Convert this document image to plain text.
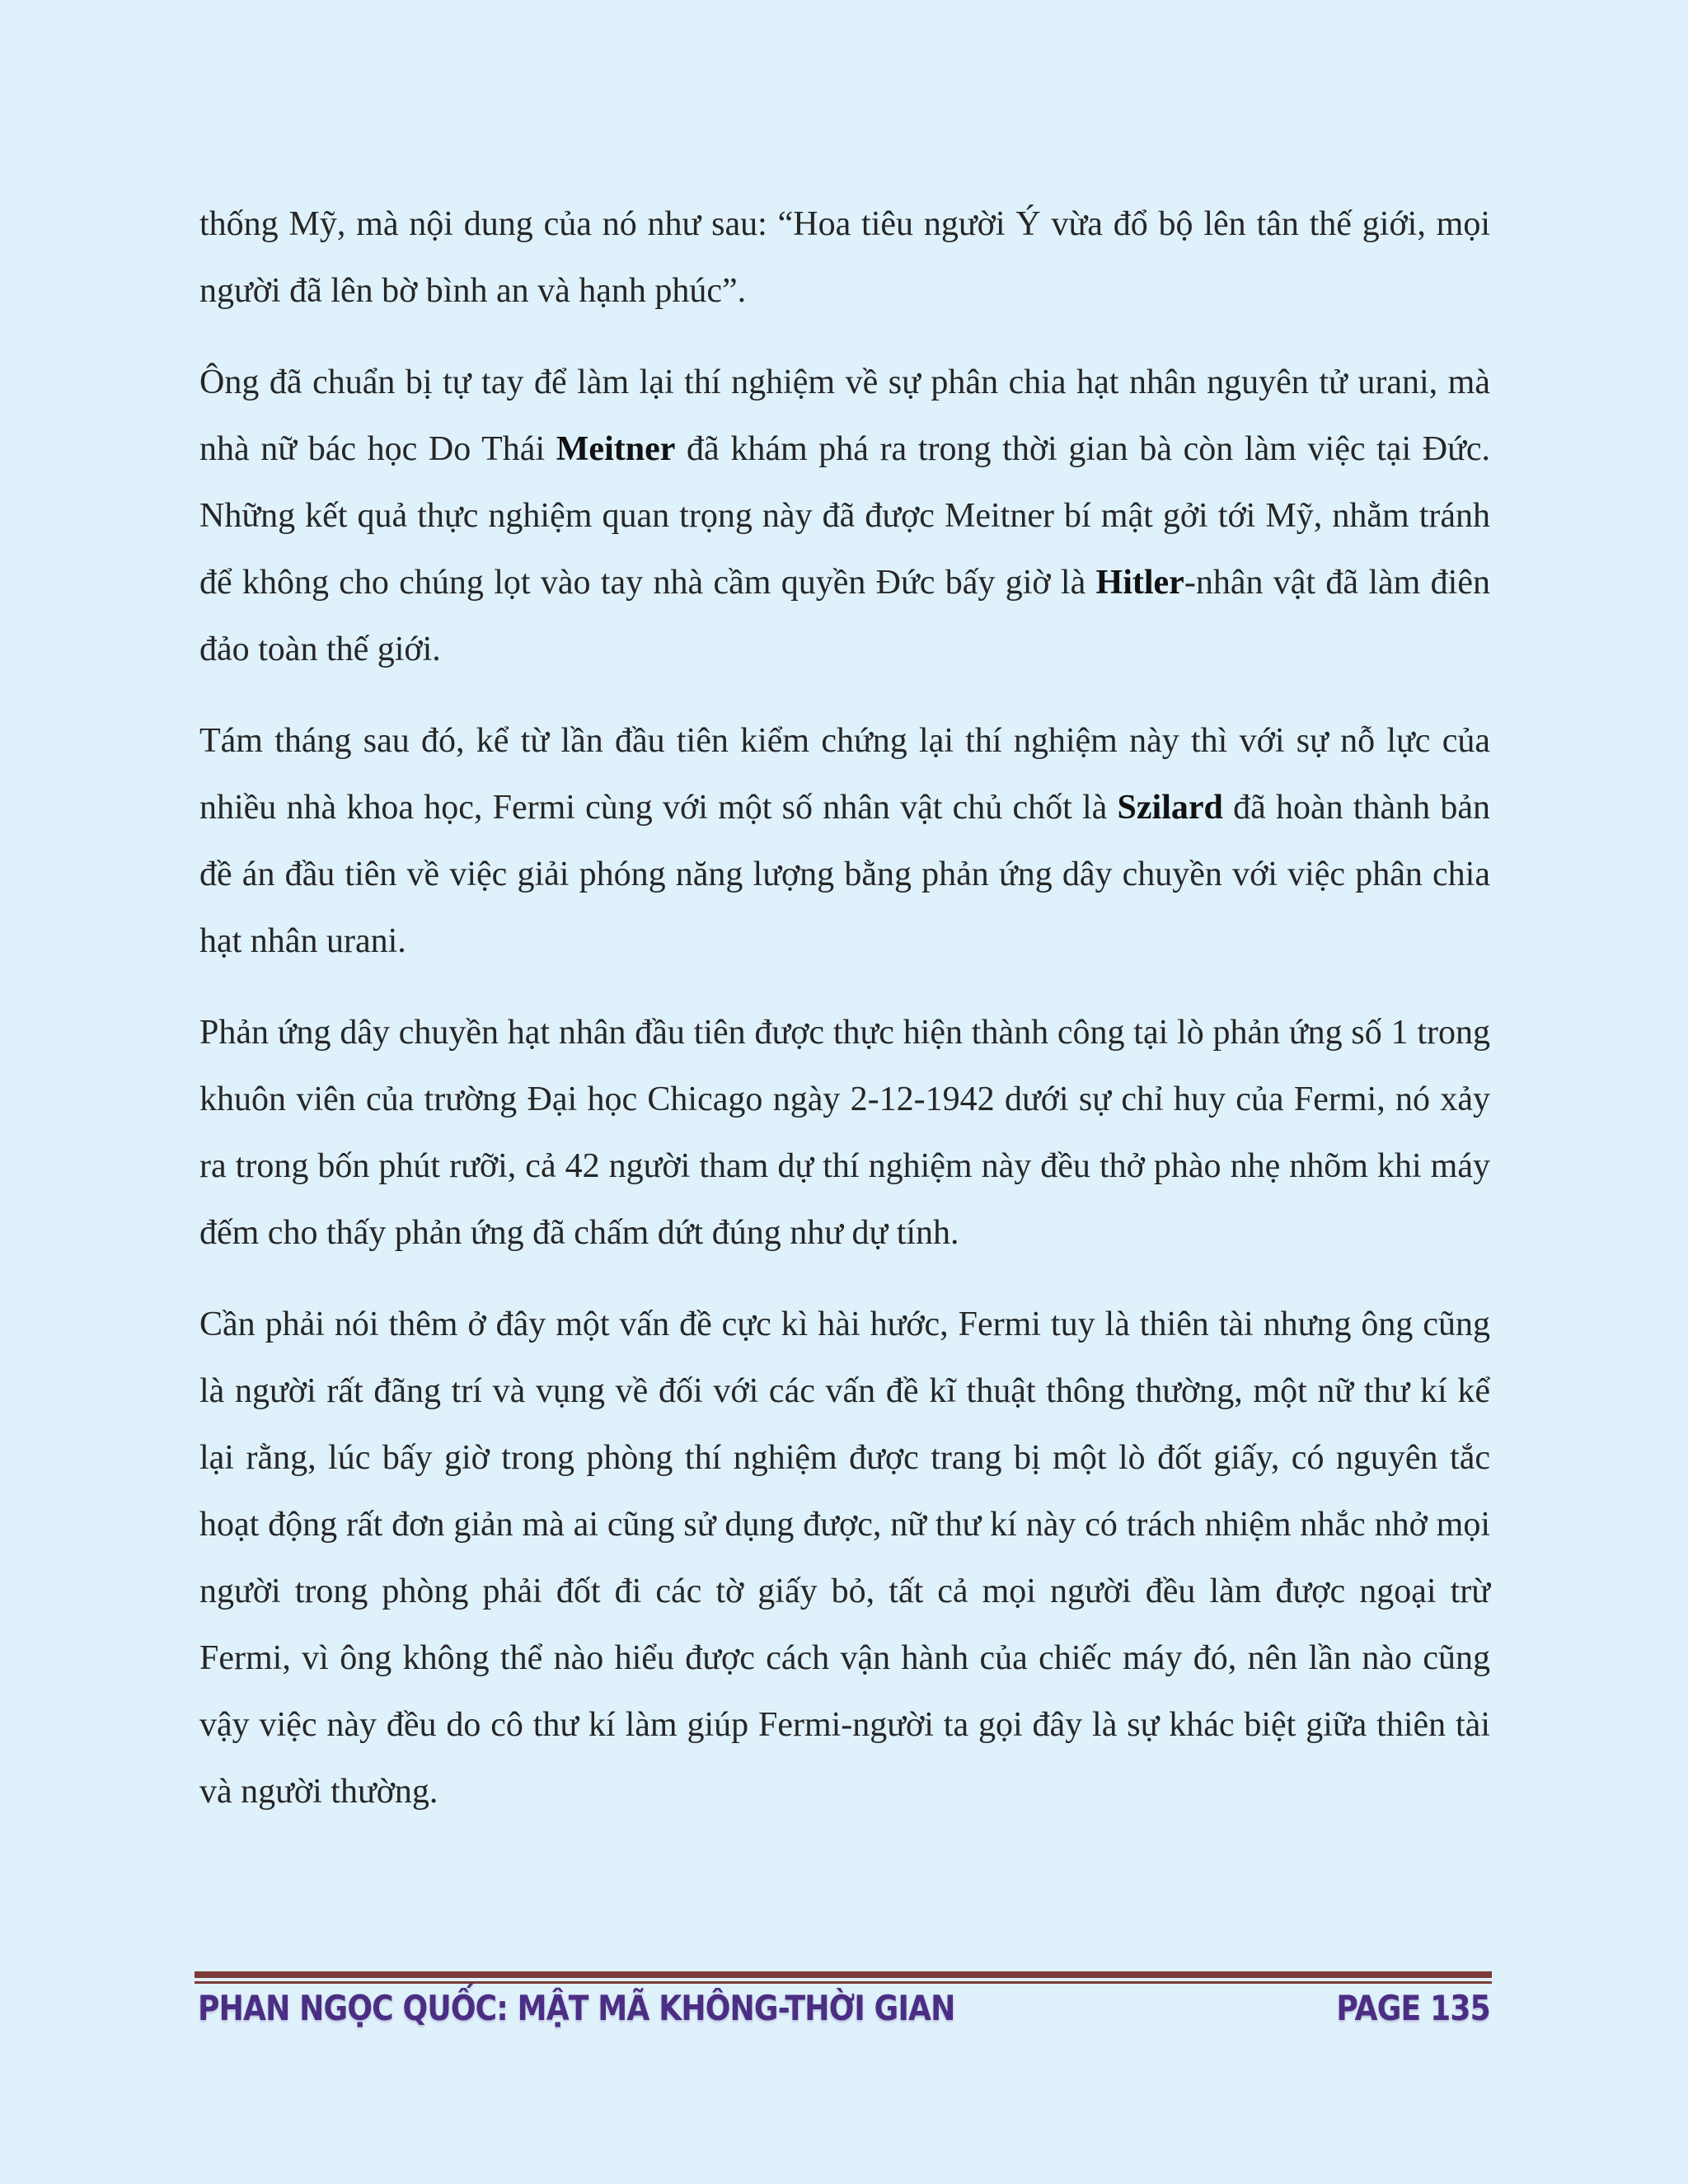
thống Mỹ, mà nội dung của nó như sau: “Hoa tiêu người Ý vừa đổ bộ lên tân thế giới, mọi người đã lên bờ bình an và hạnh phúc”.

Ông đã chuẩn bị tự tay để làm lại thí nghiệm về sự phân chia hạt nhân nguyên tử urani, mà nhà nữ bác học Do Thái Meitner đã khám phá ra trong thời gian bà còn làm việc tại Đức. Những kết quả thực nghiệm quan trọng này đã được Meitner bí mật gởi tới Mỹ, nhằm tránh để không cho chúng lọt vào tay nhà cầm quyền Đức bấy giờ là Hitler-nhân vật đã làm điên đảo toàn thế giới.

Tám tháng sau đó, kể từ lần đầu tiên kiểm chứng lại thí nghiệm này thì với sự nỗ lực của nhiều nhà khoa học, Fermi cùng với một số nhân vật chủ chốt là Szilard đã hoàn thành bản đề án đầu tiên về việc giải phóng năng lượng bằng phản ứng dây chuyền với việc phân chia hạt nhân urani.

Phản ứng dây chuyền hạt nhân đầu tiên được thực hiện thành công tại lò phản ứng số 1 trong khuôn viên của trường Đại học Chicago ngày 2-12-1942 dưới sự chỉ huy của Fermi, nó xảy ra trong bốn phút rưỡi, cả 42 người tham dự thí nghiệm này đều thở phào nhẹ nhõm khi máy đếm cho thấy phản ứng đã chấm dứt đúng như dự tính.

Cần phải nói thêm ở đây một vấn đề cực kì hài hước, Fermi tuy là thiên tài nhưng ông cũng là người rất đãng trí và vụng về đối với các vấn đề kĩ thuật thông thường, một nữ thư kí kể lại rằng, lúc bấy giờ trong phòng thí nghiệm được trang bị một lò đốt giấy, có nguyên tắc hoạt động rất đơn giản mà ai cũng sử dụng được, nữ thư kí này có trách nhiệm nhắc nhở mọi người trong phòng phải đốt đi các tờ giấy bỏ, tất cả mọi người đều làm được ngoại trừ Fermi, vì ông không thể nào hiểu được cách vận hành của chiếc máy đó, nên lần nào cũng vậy việc này đều do cô thư kí làm giúp Fermi-người ta gọi đây là sự khác biệt giữa thiên tài và người thường.

PHAN NGỌC QUỐC: MẬT MÃ KHÔNG-THỜI GIAN	PAGE 135
